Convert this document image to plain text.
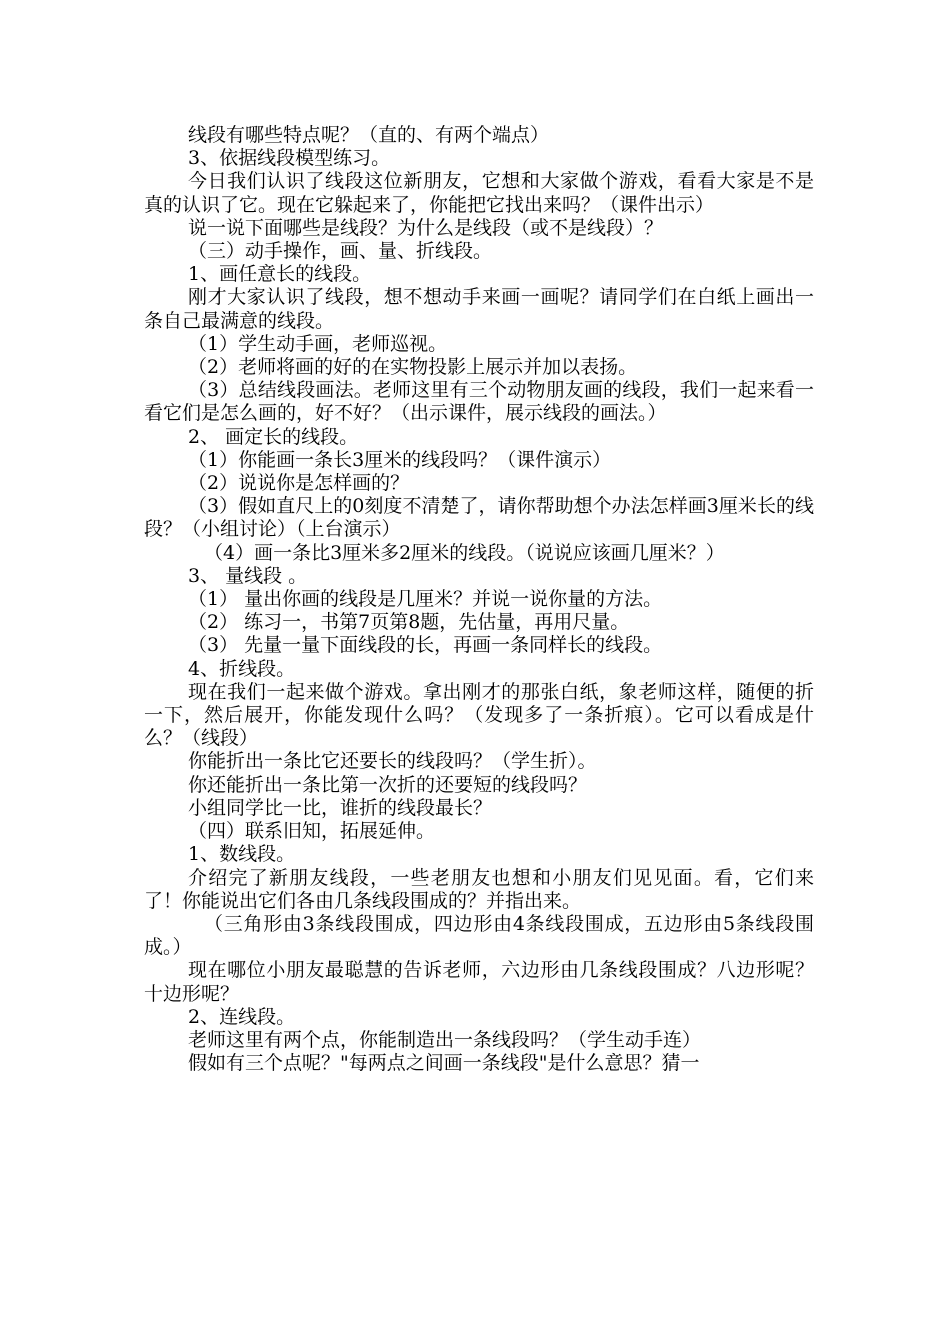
线段有哪些特点呢？（直的、有两个端点）

3、依据线段模型练习。

今日我们认识了线段这位新朋友，它想和大家做个游戏，看看大家是不是真的认识了它。现在它躲起来了，你能把它找出来吗？（课件出示）

说一说下面哪些是线段？为什么是线段（或不是线段）？

（三）动手操作，画、量、折线段。

1、画任意长的线段。

刚才大家认识了线段，想不想动手来画一画呢？请同学们在白纸上画出一条自己最满意的线段。

（1）学生动手画，老师巡视。

（2）老师将画的好的在实物投影上展示并加以表扬。

（3）总结线段画法。老师这里有三个动物朋友画的线段，我们一起来看一看它们是怎么画的，好不好？（出示课件，展示线段的画法。）

2、 画定长的线段。

（1）你能画一条长3厘米的线段吗？（课件演示）

（2）说说你是怎样画的？

（3）假如直尺上的0刻度不清楚了，请你帮助想个办法怎样画3厘米长的线段？（小组讨论）（上台演示）

（4）画一条比3厘米多2厘米的线段。（说说应该画几厘米？）

3、 量线段 。

（1） 量出你画的线段是几厘米？并说一说你量的方法。

（2） 练习一，书第7页第8题，先估量，再用尺量。

（3） 先量一量下面线段的长，再画一条同样长的线段。

4、折线段。

现在我们一起来做个游戏。拿出刚才的那张白纸，象老师这样，随便的折一下，然后展开，你能发现什么吗？（发现多了一条折痕）。它可以看成是什么？（线段）

你能折出一条比它还要长的线段吗？（学生折）。

你还能折出一条比第一次折的还要短的线段吗？

小组同学比一比，谁折的线段最长？

（四）联系旧知，拓展延伸。

1、数线段。

介绍完了新朋友线段，一些老朋友也想和小朋友们见见面。看，它们来了！你能说出它们各由几条线段围成的？并指出来。

（三角形由3条线段围成，四边形由4条线段围成，五边形由5条线段围成。）

现在哪位小朋友最聪慧的告诉老师，六边形由几条线段围成？八边形呢？十边形呢？

2、连线段。

老师这里有两个点，你能制造出一条线段吗？（学生动手连）

假如有三个点呢？"每两点之间画一条线段"是什么意思？猜一
